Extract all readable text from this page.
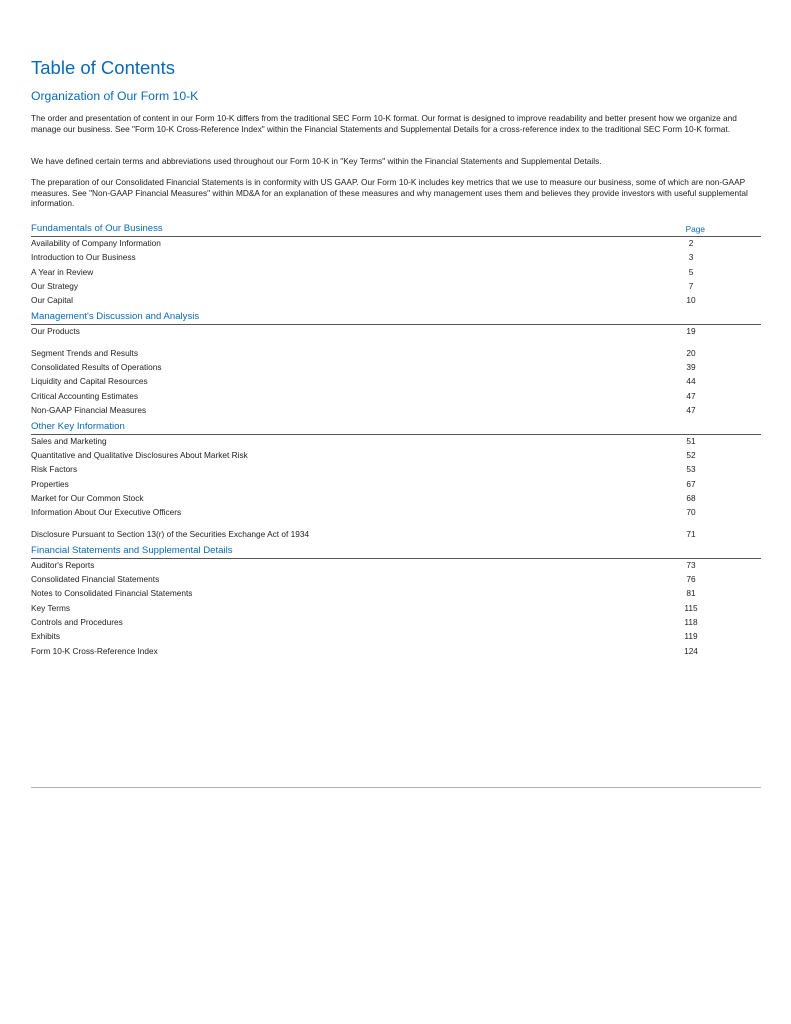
Table of Contents
Organization of Our Form 10-K

The order and presentation of content in our Form 10-K differs from the traditional SEC Form 10-K format. Our format is designed to improve readability and better present how we organize and manage our business. See "Form 10-K Cross-Reference Index" within the Financial Statements and Supplemental Details for a cross-reference index to the traditional SEC Form 10-K format.

We have defined certain terms and abbreviations used throughout our Form 10-K in "Key Terms" within the Financial Statements and Supplemental Details.

The preparation of our Consolidated Financial Statements is in conformity with US GAAP. Our Form 10-K includes key metrics that we use to measure our business, some of which are non-GAAP measures. See "Non-GAAP Financial Measures" within MD&A for an explanation of these measures and why management uses them and believes they provide investors with useful supplemental information.

Fundamentals of Our Business	Page
Availability of Company Information	2
Introduction to Our Business	3
A Year in Review	5
Our Strategy	7
Our Capital	10
Management's Discussion and Analysis
Our Products	19
Segment Trends and Results	20
Consolidated Results of Operations	39
Liquidity and Capital Resources	44
Critical Accounting Estimates	47
Non-GAAP Financial Measures	47
Other Key Information
Sales and Marketing	51
Quantitative and Qualitative Disclosures About Market Risk	52
Risk Factors	53
Properties	67
Market for Our Common Stock	68
Information About Our Executive Officers	70
Disclosure Pursuant to Section 13(r) of the Securities Exchange Act of 1934	71
Financial Statements and Supplemental Details
Auditor's Reports	73
Consolidated Financial Statements	76
Notes to Consolidated Financial Statements	81
Key Terms	115
Controls and Procedures	118
Exhibits	119
Form 10-K Cross-Reference Index	124
